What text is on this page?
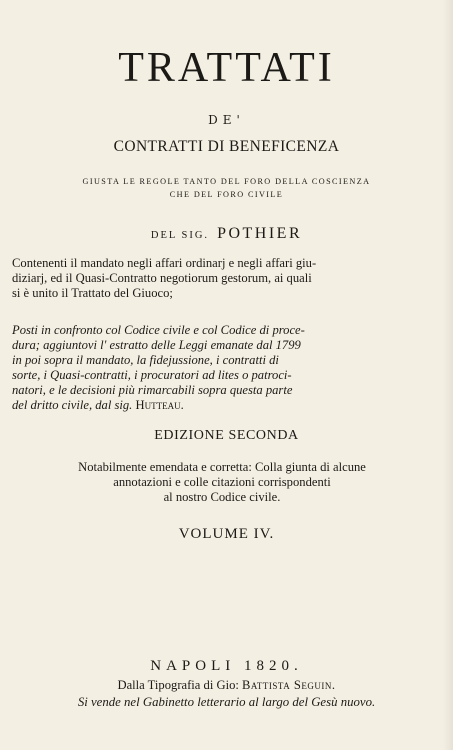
TRATTATI
DE'
CONTRATTI DI BENEFICENZA
GIUSTA LE REGOLE TANTO DEL FORO DELLA COSCIENZA
CHE DEL FORO CIVILE
DEL SIG. POTHIER
Contenenti il mandato negli affari ordinarj e negli affari giu-
diziarj, ed il Quasi-Contratto negotiorum gestorum, ai quali
si è unito il Trattato del Giuoco;
Posti in confronto col Codice civile e col Codice di proce-
dura; aggiuntovi l' estratto delle Leggi emanate dal 1799
in poi sopra il mandato, la fidejussione, i contratti di
sorte, i Quasi-contratti, i procuratori ad lites o patroci-
natori, e le decisioni più rimarcabili sopra questa parte
del dritto civile, dal sig. Hutteau.
EDIZIONE SECONDA
Notabilmente emendata e corretta: Colla giunta di alcune
annotazioni e colle citazioni corrispondenti
al nostro Codice civile.
VOLUME IV.
NAPOLI 1820.
Dalla Tipografia di Gio: Battista Seguin.
Si vende nel Gabinetto letterario al largo del Gesù nuovo.
